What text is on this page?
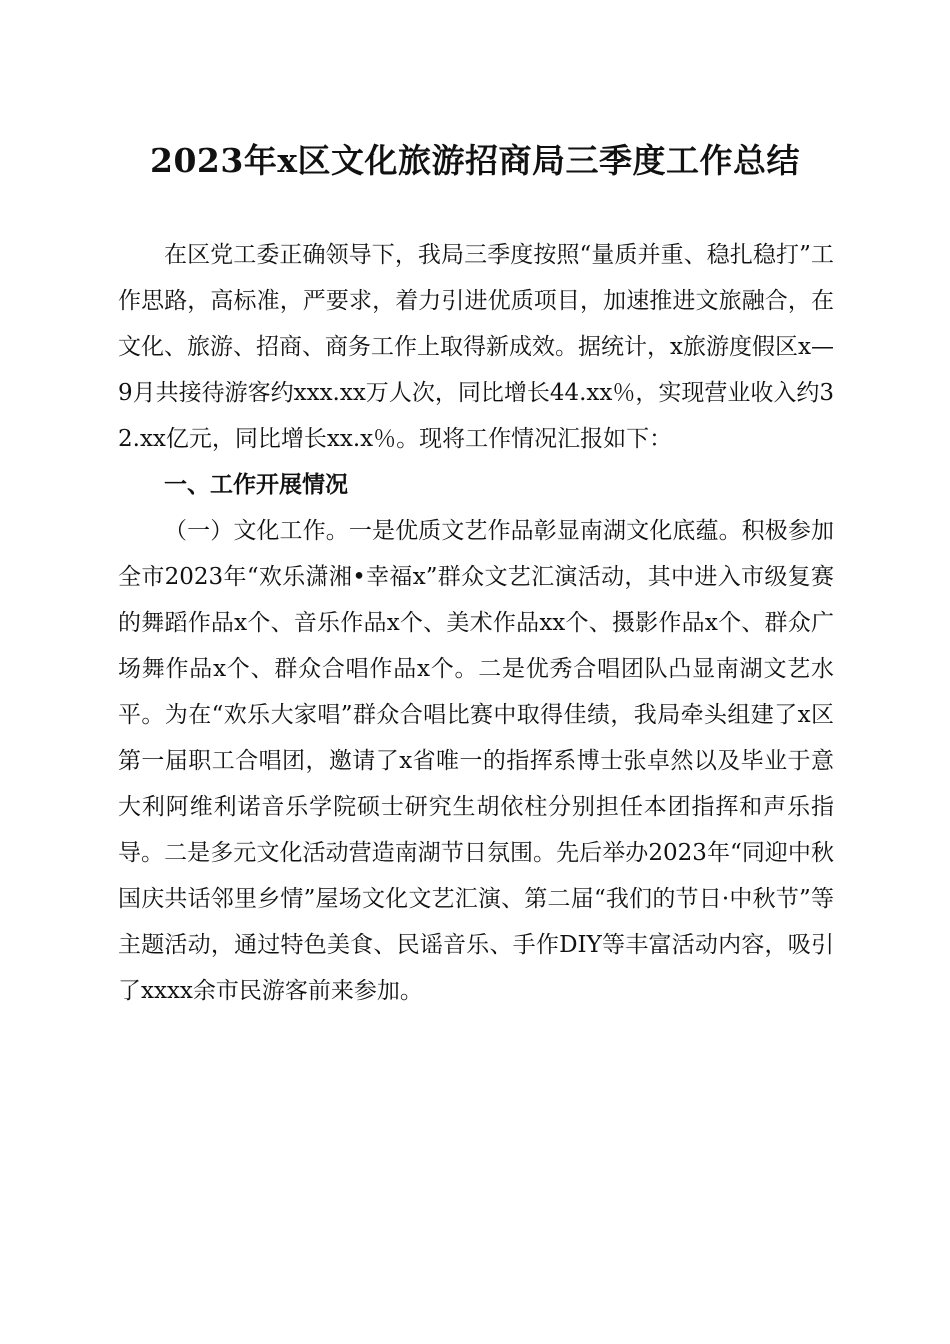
2023年x区文化旅游招商局三季度工作总结

在区党工委正确领导下，我局三季度按照“量质并重、稳扎稳打”工作思路，高标准，严要求，着力引进优质项目，加速推进文旅融合，在文化、旅游、招商、商务工作上取得新成效。据统计，x旅游度假区x—9月共接待游客约xxx.xx万人次，同比增长44.xx％，实现营业收入约32.xx亿元，同比增长xx.x％。现将工作情况汇报如下：

一、工作开展情况

（一）文化工作。一是优质文艺作品彰显南湖文化底蕴。积极参加全市2023年“欢乐潇湘•幸福x”群众文艺汇演活动，其中进入市级复赛的舞蹈作品x个、音乐作品x个、美术作品xx个、摄影作品x个、群众广场舞作品x个、群众合唱作品x个。二是优秀合唱团队凸显南湖文艺水平。为在“欢乐大家唱”群众合唱比赛中取得佳绩，我局牵头组建了x区第一届职工合唱团，邀请了x省唯一的指挥系博士张卓然以及毕业于意大利阿维利诺音乐学院硕士研究生胡依柱分别担任本团指挥和声乐指导。二是多元文化活动营造南湖节日氛围。先后举办2023年“同迎中秋国庆共话邻里乡情”屋场文化文艺汇演、第二届“我们的节日·中秋节”等主题活动，通过特色美食、民谣音乐、手作DIY等丰富活动内容，吸引了xxxx余市民游客前来参加。
